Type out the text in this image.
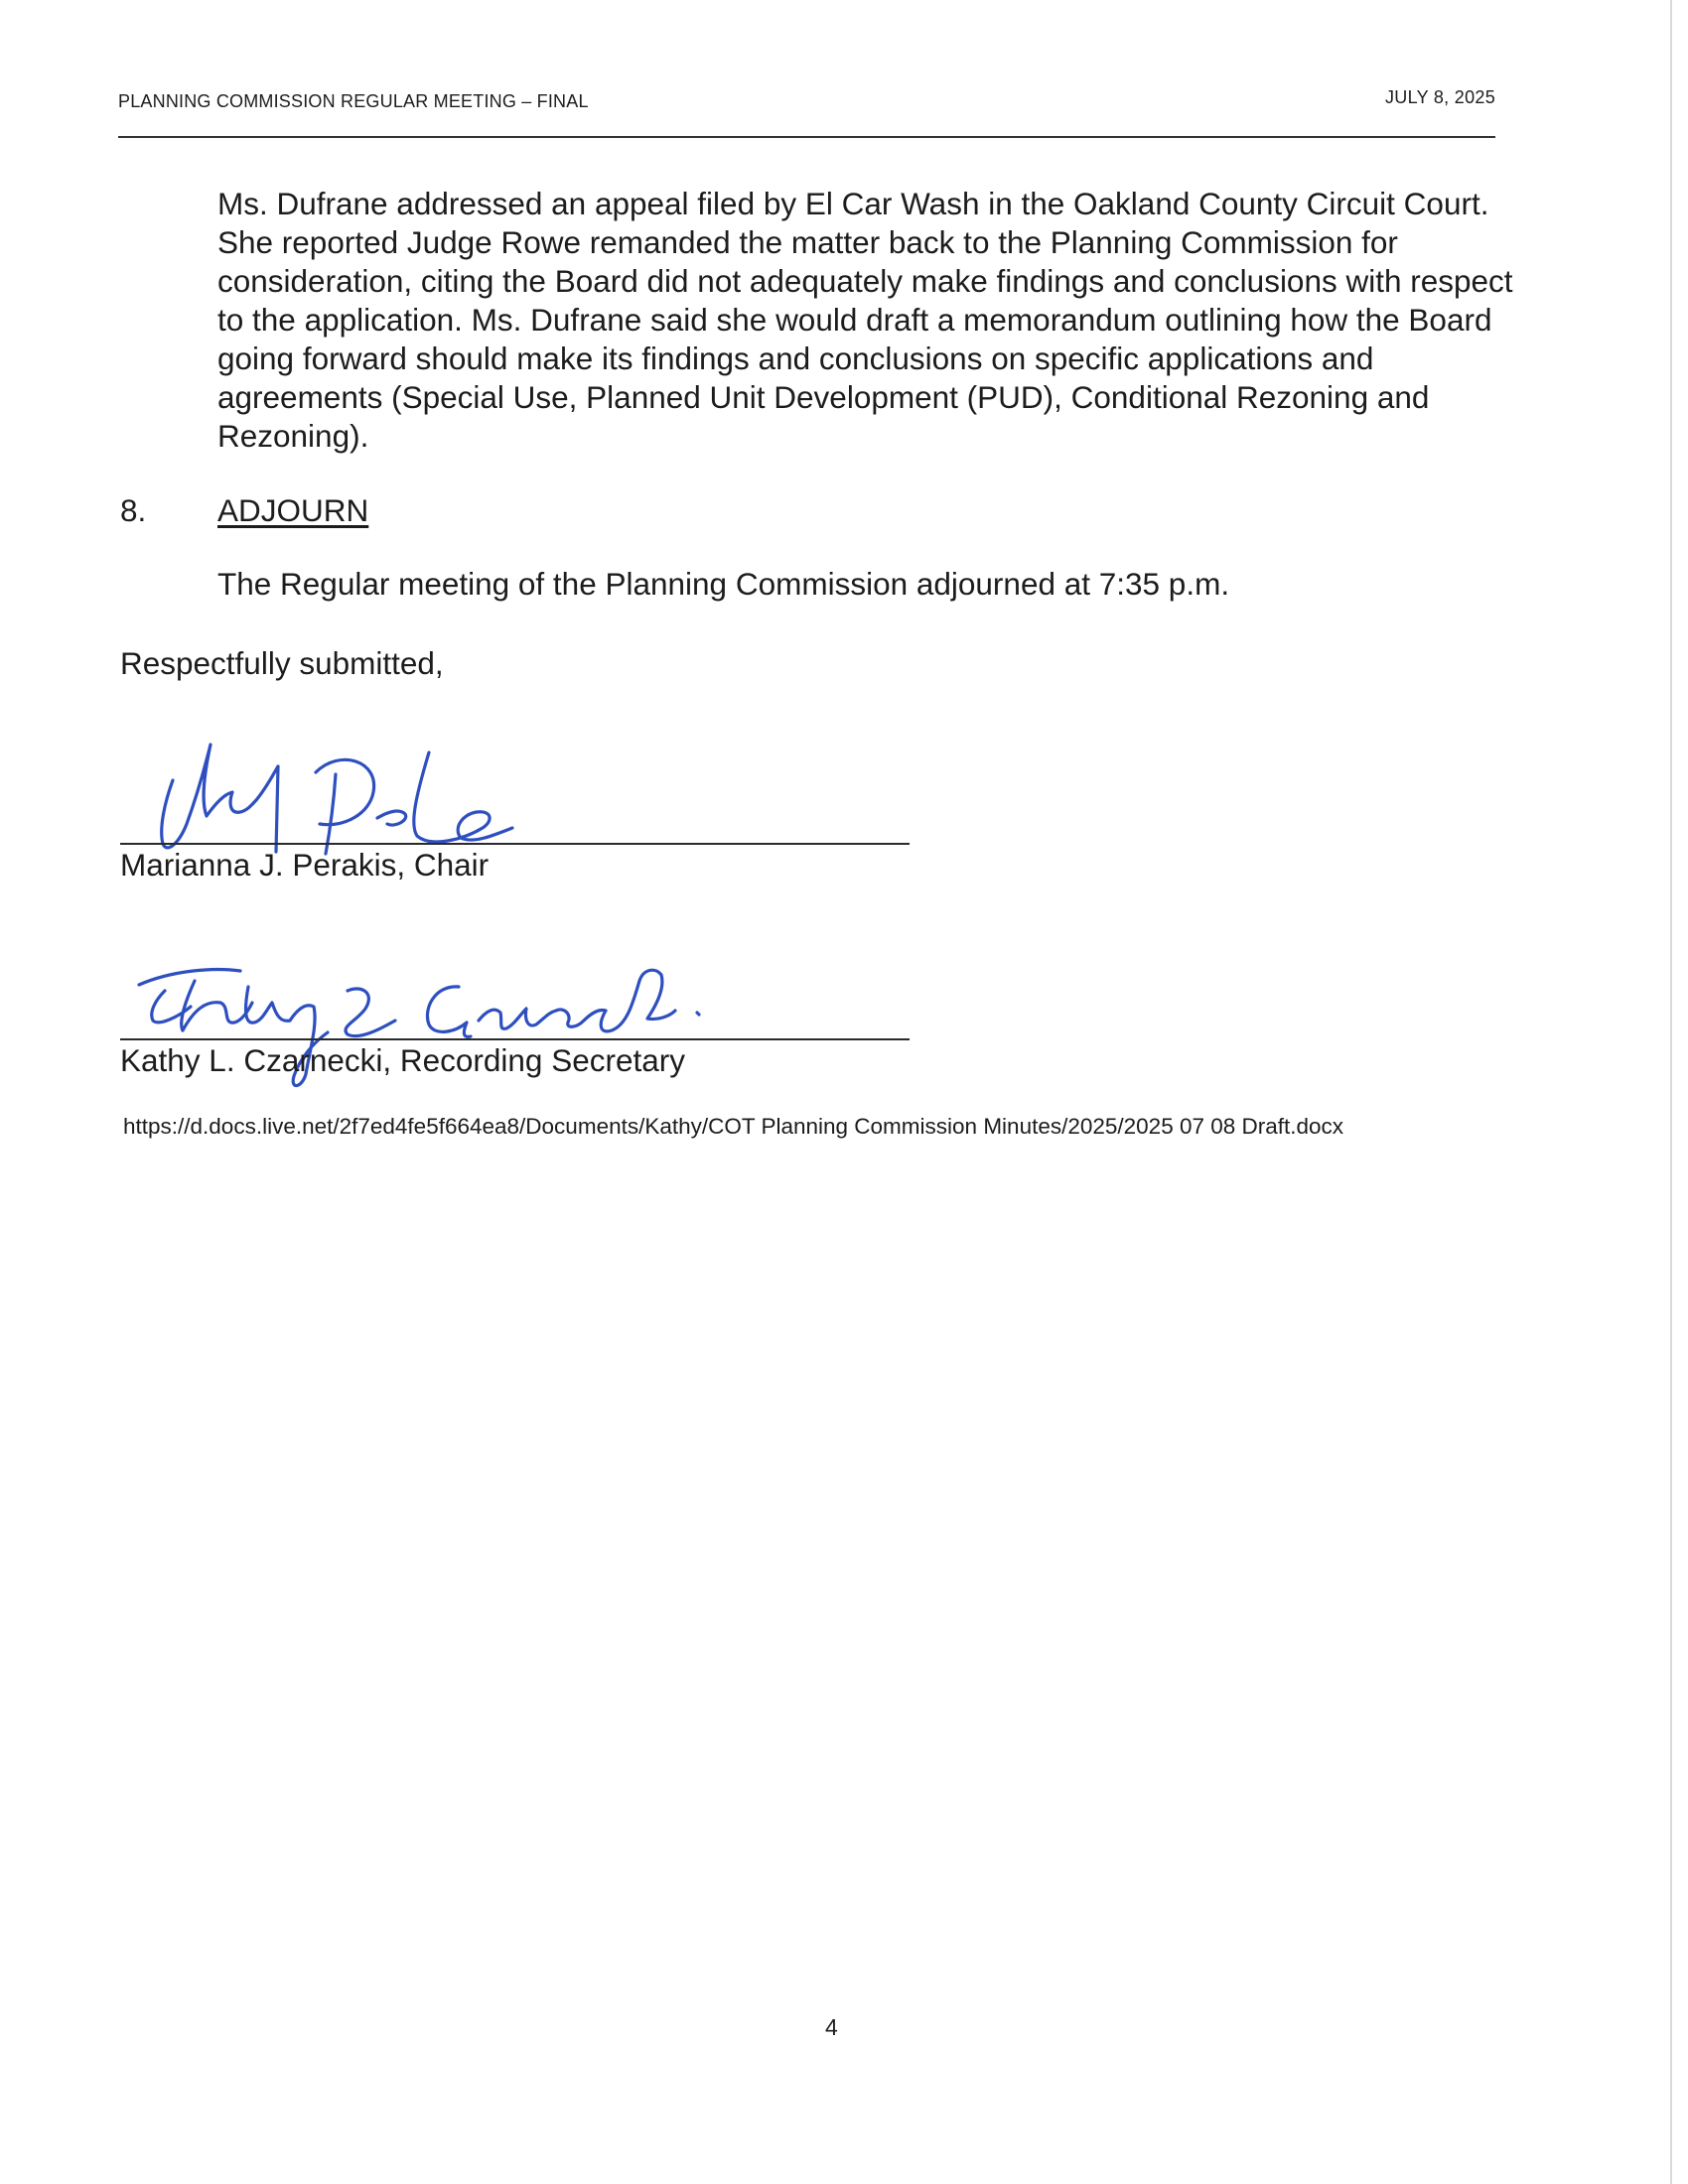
PLANNING COMMISSION REGULAR MEETING – FINAL	JULY 8, 2025
Ms. Dufrane addressed an appeal filed by El Car Wash in the Oakland County Circuit Court. She reported Judge Rowe remanded the matter back to the Planning Commission for consideration, citing the Board did not adequately make findings and conclusions with respect to the application. Ms. Dufrane said she would draft a memorandum outlining how the Board going forward should make its findings and conclusions on specific applications and agreements (Special Use, Planned Unit Development (PUD), Conditional Rezoning and Rezoning).
8. ADJOURN
The Regular meeting of the Planning Commission adjourned at 7:35 p.m.
Respectfully submitted,
Marianna J. Perakis, Chair
Kathy L. Czarnecki, Recording Secretary
https://d.docs.live.net/2f7ed4fe5f664ea8/Documents/Kathy/COT Planning Commission Minutes/2025/2025 07 08 Draft.docx
4
